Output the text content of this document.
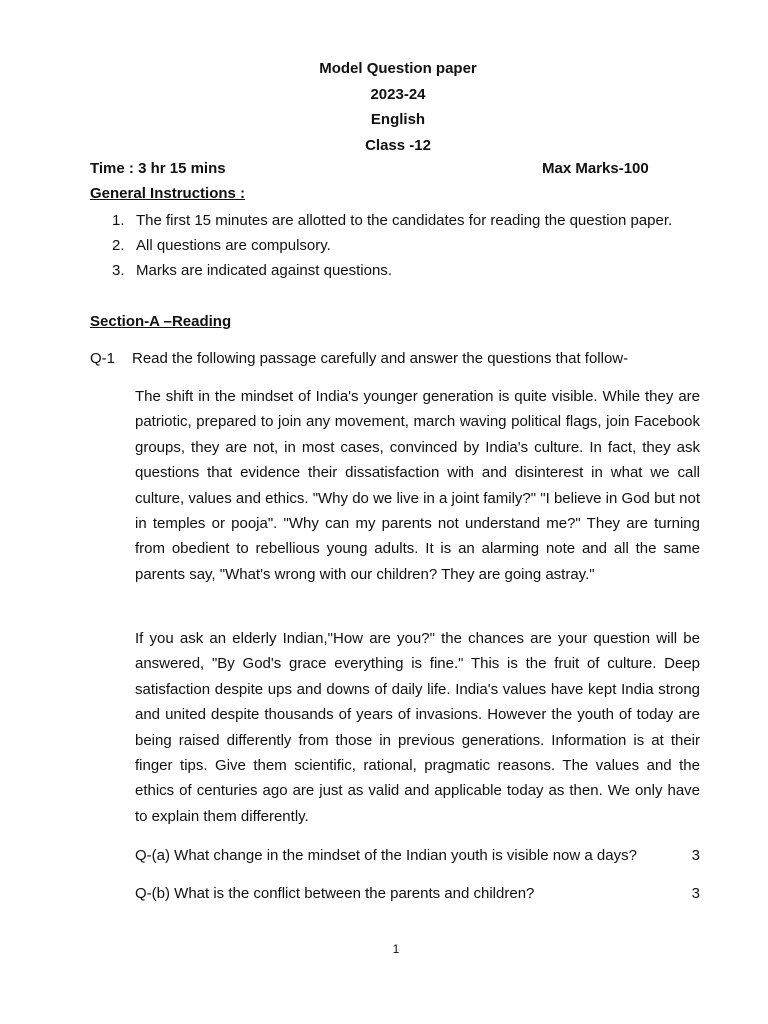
Model Question paper
2023-24
English
Class -12
Time : 3 hr 15 mins	Max Marks-100
General Instructions :
1. The first 15 minutes are allotted to the candidates for reading the question paper.
2. All questions are compulsory.
3. Marks are indicated against questions.
Section-A –Reading
Q-1 Read the following passage carefully and answer the questions that follow-

The shift in the mindset of India's younger generation is quite visible. While they are patriotic, prepared to join any movement, march waving political flags, join Facebook groups, they are not, in most cases, convinced by India's culture. In fact, they ask questions that evidence their dissatisfaction with and disinterest in what we call culture, values and ethics. "Why do we live in a joint family?" "I believe in God but not in temples or pooja". "Why can my parents not understand me?" They are turning from obedient to rebellious young adults. It is an alarming note and all the same parents say, "What's wrong with our children? They are going astray."

If you ask an elderly Indian,"How are you?" the chances are your question will be answered, "By God's grace everything is fine." This is the fruit of culture. Deep satisfaction despite ups and downs of daily life. India's values have kept India strong and united despite thousands of years of invasions. However the youth of today are being raised differently from those in previous generations. Information is at their finger tips. Give them scientific, rational, pragmatic reasons. The values and the ethics of centuries ago are just as valid and applicable today as then. We only have to explain them differently.

Q-(a) What change in the mindset of the Indian youth is visible now a days?	3
Q-(b) What is the conflict between the parents and children?	3
1
